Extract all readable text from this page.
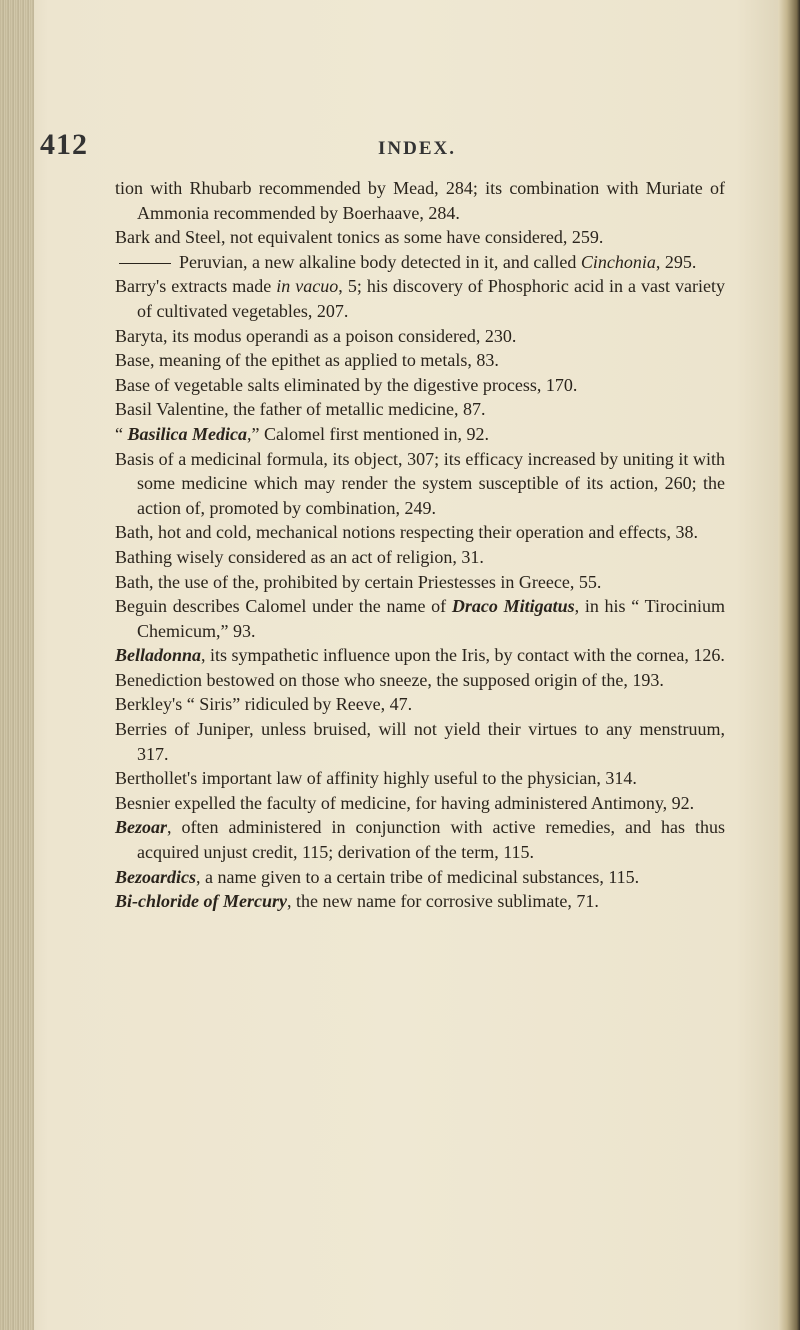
412	INDEX.

tion with Rhubarb recommended by Mead, 284; its combination with Muriate of Ammonia recommended by Boerhaave, 284.

Bark and Steel, not equivalent tonics as some have considered, 259.

Peruvian, a new alkaline body detected in it, and called Cinchonia, 295.

Barry's extracts made in vacuo, 5; his discovery of Phosphoric acid in a vast variety of cultivated vegetables, 207.

Baryta, its modus operandi as a poison considered, 230.

Base, meaning of the epithet as applied to metals, 83.

Base of vegetable salts eliminated by the digestive process, 170.

Basil Valentine, the father of metallic medicine, 87.

“ Basilica Medica,” Calomel first mentioned in, 92.

Basis of a medicinal formula, its object, 307; its efficacy increased by uniting it with some medicine which may render the system susceptible of its action, 260; the action of, promoted by combination, 249.

Bath, hot and cold, mechanical notions respecting their operation and effects, 38.

Bathing wisely considered as an act of religion, 31.

Bath, the use of the, prohibited by certain Priestesses in Greece, 55.

Beguin describes Calomel under the name of Draco Mitigatus, in his “ Tirocinium Chemicum,” 93.

Belladonna, its sympathetic influence upon the Iris, by contact with the cornea, 126.

Benediction bestowed on those who sneeze, the supposed origin of the, 193.

Berkley's “ Siris” ridiculed by Reeve, 47.

Berries of Juniper, unless bruised, will not yield their virtues to any menstruum, 317.

Berthollet's important law of affinity highly useful to the physician, 314.

Besnier expelled the faculty of medicine, for having administered Antimony, 92.

Bezoar, often administered in conjunction with active remedies, and has thus acquired unjust credit, 115; derivation of the term, 115.

Bezoardics, a name given to a certain tribe of medicinal substances, 115.

Bi-chloride of Mercury, the new name for corrosive sublimate, 71.
